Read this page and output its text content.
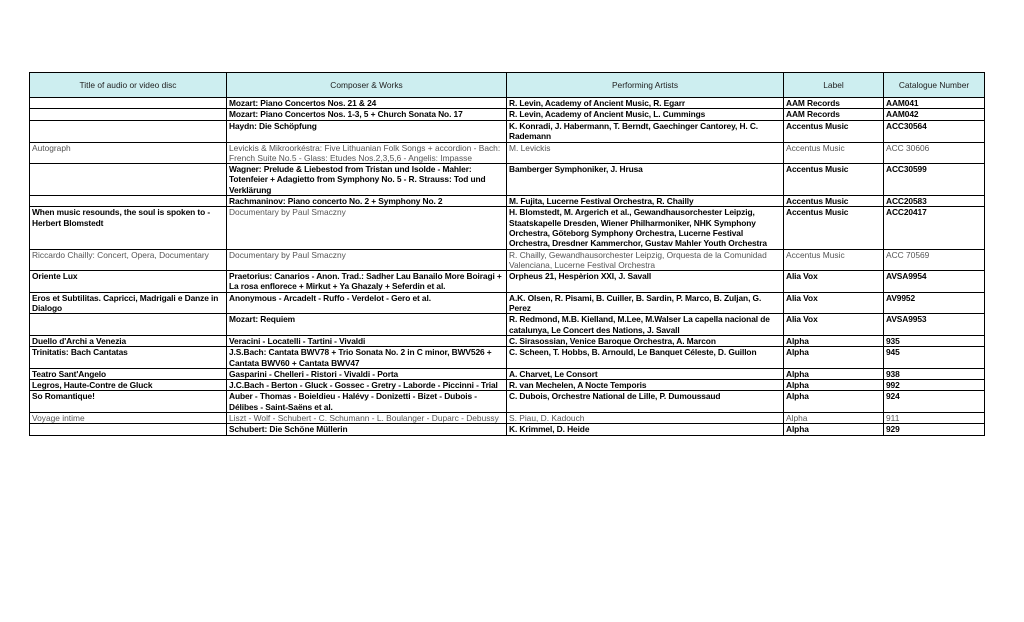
Title of audio or video disc	Composer & Works	Performing Artists	Label	Catalogue Number
	Mozart: Piano Concertos Nos. 21 & 24	R. Levin, Academy of Ancient Music, R. Egarr	AAM Records	AAM041
	Mozart: Piano Concertos Nos. 1-3, 5 + Church Sonata No. 17	R. Levin, Academy of Ancient Music, L. Cummings	AAM Records	AAM042
	Haydn: Die Schöpfung	K. Konradi, J. Habermann, T. Berndt, Gaechinger Cantorey, H. C. Rademann	Accentus Music	ACC30564
Autograph	Levickis & Mikroorkéstra: Five Lithuanian Folk Songs + accordion - Bach: French Suite No.5 - Glass: Etudes Nos.2,3,5,6 - Angelis: Impasse	M. Levickis	Accentus Music	ACC 30606
	Wagner: Prelude & Liebestod from Tristan und Isolde - Mahler: Totenfeier + Adagietto from Symphony No. 5 - R. Strauss: Tod und Verklärung	Bamberger Symphoniker, J. Hrusa	Accentus Music	ACC30599
	Rachmaninov: Piano concerto No. 2 + Symphony No. 2	M. Fujita, Lucerne Festival Orchestra, R. Chailly	Accentus Music	ACC20583
When music resounds, the soul is spoken to - Herbert Blomstedt	Documentary by Paul Smaczny	H. Blomstedt, M. Argerich et al., Gewandhausorchester Leipzig, Staatskapelle Dresden, Wiener Philharmoniker, NHK Symphony Orchestra, Göteborg Symphony Orchestra, Lucerne Festival Orchestra, Dresdner Kammerchor, Gustav Mahler Youth Orchestra	Accentus Music	ACC20417
Riccardo Chailly: Concert, Opera, Documentary	Documentary by Paul Smaczny	R. Chailly, Gewandhausorchester Leipzig, Orquesta de la Comunidad Valenciana, Lucerne Festival Orchestra	Accentus Music	ACC 70569
Oriente Lux	Praetorius: Canarios - Anon. Trad.: Sadher Lau Banailo More Boiragi + La rosa enflorece + Mirkut + Ya Ghazaly + Seferdin et al.	Orpheus 21, Hespèrion XXI, J. Savall	Alia Vox	AVSA9954
Eros et Subtilitas. Capricci, Madrigali e Danze in Dialogo	Anonymous - Arcadelt - Ruffo - Verdelot - Gero et al.	A.K. Olsen, R. Pisami, B. Cuiller, B. Sardin, P. Marco, B. Zuljan, G. Perez	Alia Vox	AV9952
	Mozart: Requiem	R. Redmond, M.B. Kielland, M.Lee, M.Walser La capella nacional de catalunya, Le Concert des Nations, J. Savall	Alia Vox	AVSA9953
Duello d'Archi a Venezia	Veracini - Locatelli - Tartini - Vivaldi	C. Sirasossian, Venice Baroque Orchestra, A. Marcon	Alpha	935
Trinitatis: Bach Cantatas	J.S.Bach: Cantata BWV78 + Trio Sonata No. 2 in C minor, BWV526 + Cantata BWV60 + Cantata BWV47	C. Scheen, T. Hobbs, B. Arnould, Le Banquet Céleste, D. Guillon	Alpha	945
Teatro Sant'Angelo	Gasparini - Chelleri - Ristori - Vivaldi - Porta	A. Charvet, Le Consort	Alpha	938
Legros, Haute-Contre de Gluck	J.C.Bach - Berton - Gluck - Gossec - Gretry - Laborde - Piccinni - Trial	R. van Mechelen, A Nocte Temporis	Alpha	992
So Romantique!	Auber - Thomas - Boieldieu - Halévy - Donizetti - Bizet - Dubois - Délibes - Saint-Saëns et al.	C. Dubois, Orchestre National de Lille, P. Dumoussaud	Alpha	924
Voyage intime	Liszt - Wolf - Schubert - C. Schumann - L. Boulanger - Duparc - Debussy	S. Piau, D. Kadouch	Alpha	911
	Schubert: Die Schöne Müllerin	K. Krimmel, D. Heide	Alpha	929
